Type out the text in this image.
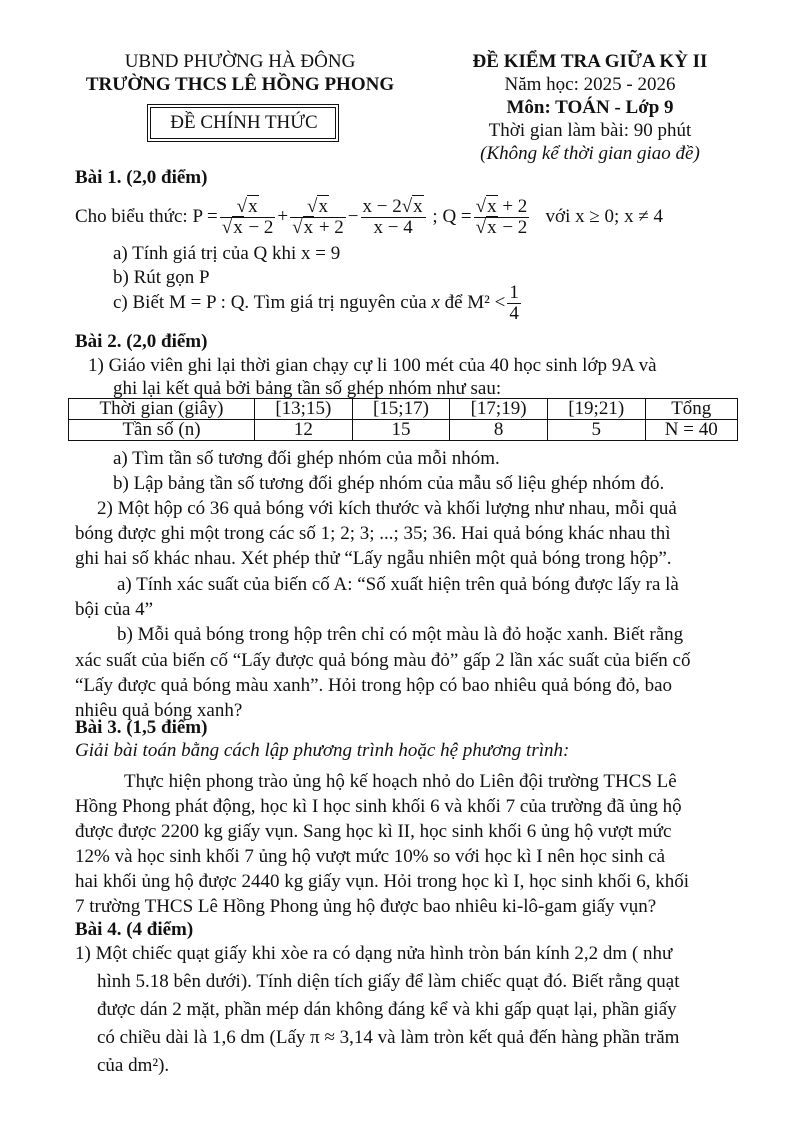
UBND PHƯỜNG HÀ ĐÔNG
TRƯỜNG THCS LÊ HỒNG PHONG
ĐỀ CHÍNH THỨC
ĐỀ KIỂM TRA GIỮA KỲ II
Năm học: 2025 - 2026
Môn: TOÁN - Lớp 9
Thời gian làm bài: 90 phút
(Không kể thời gian giao đề)
Bài 1. (2,0 điểm)
Cho biểu thức: $P = \frac{√x}{√x - 2} + \frac{√x}{√x + 2} - \frac{x - 2√x}{x - 4}$ ; $Q = \frac{√x + 2}{√x - 2}$ với x ≥ 0; x ≠ 4
a) Tính giá trị của Q khi x = 9
b) Rút gọn P
c) Biết M = P : Q. Tìm giá trị nguyên của x để $M^2 < \frac{1}{4}$
Bài 2. (2,0 điểm)
1) Giáo viên ghi lại thời gian chạy cự li 100 mét của 40 học sinh lớp 9A và
ghi lại kết quả bởi bảng tần số ghép nhóm như sau:
Thời gian (giây)	[13;15)	[15;17)	[17;19)	[19;21)	Tổng
Tần số (n)	12	15	8	5	N = 40
a) Tìm tần số tương đối ghép nhóm của mỗi nhóm.
b) Lập bảng tần số tương đối ghép nhóm của mẫu số liệu ghép nhóm đó.
2) Một hộp có 36 quả bóng với kích thước và khối lượng như nhau, mỗi quả
bóng được ghi một trong các số 1; 2; 3; ...; 35; 36. Hai quả bóng khác nhau thì
ghi hai số khác nhau. Xét phép thử “Lấy ngẫu nhiên một quả bóng trong hộp”.
a) Tính xác suất của biến cố A: “Số xuất hiện trên quả bóng được lấy ra là
bội của 4”
b) Mỗi quả bóng trong hộp trên chỉ có một màu là đỏ hoặc xanh. Biết rằng
xác suất của biến cố “Lấy được quả bóng màu đỏ” gấp 2 lần xác suất của biến cố
“Lấy được quả bóng màu xanh”. Hỏi trong hộp có bao nhiêu quả bóng đỏ, bao
nhiêu quả bóng xanh?
Bài 3. (1,5 điểm)
Giải bài toán bằng cách lập phương trình hoặc hệ phương trình:
Thực hiện phong trào ủng hộ kế hoạch nhỏ do Liên đội trường THCS Lê
Hồng Phong phát động, học kì I học sinh khối 6 và khối 7 của trường đã ủng hộ
được được 2200 kg giấy vụn. Sang học kì II, học sinh khối 6 ủng hộ vượt mức
12% và học sinh khối 7 ủng hộ vượt mức 10% so với học kì I nên học sinh cả
hai khối ủng hộ được 2440 kg giấy vụn. Hỏi trong học kì I, học sinh khối 6, khối
7 trường THCS Lê Hồng Phong ủng hộ được bao nhiêu ki-lô-gam giấy vụn?
Bài 4. (4 điểm)
1) Một chiếc quạt giấy khi xòe ra có dạng nửa hình tròn bán kính 2,2 dm ( như
hình 5.18 bên dưới). Tính diện tích giấy để làm chiếc quạt đó. Biết rằng quạt
được dán 2 mặt, phần mép dán không đáng kể và khi gấp quạt lại, phần giấy
có chiều dài là 1,6 dm (Lấy π ≈ 3,14 và làm tròn kết quả đến hàng phần trăm
của dm²).
